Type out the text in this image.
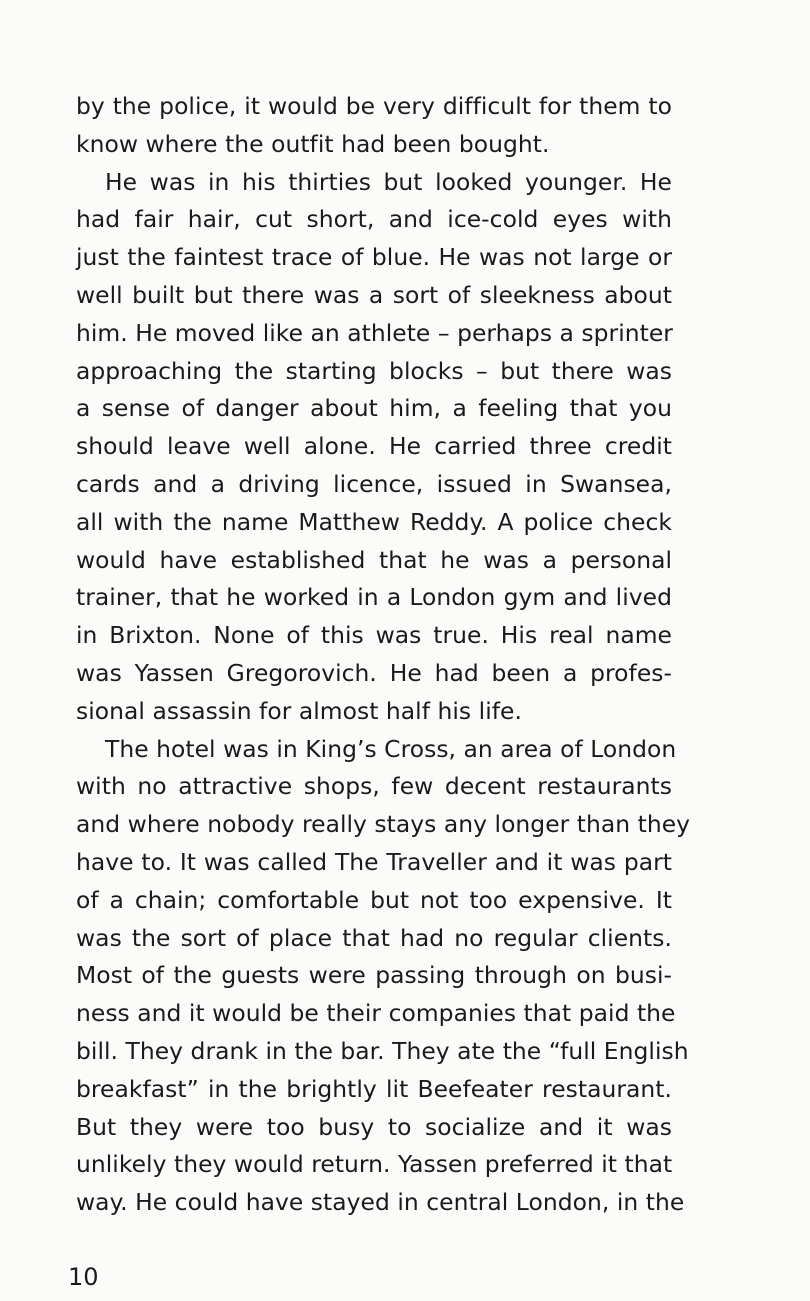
by the police, it would be very difficult for them to
know where the outfit had been bought.

He was in his thirties but looked younger. He
had fair hair, cut short, and ice-cold eyes with
just the faintest trace of blue. He was not large or
well built but there was a sort of sleekness about
him. He moved like an athlete – perhaps a sprinter
approaching the starting blocks – but there was
a sense of danger about him, a feeling that you
should leave well alone. He carried three credit
cards and a driving licence, issued in Swansea,
all with the name Matthew Reddy. A police check
would have established that he was a personal
trainer, that he worked in a London gym and lived
in Brixton. None of this was true. His real name
was Yassen Gregorovich. He had been a profes-
sional assassin for almost half his life.

The hotel was in King’s Cross, an area of London
with no attractive shops, few decent restaurants
and where nobody really stays any longer than they
have to. It was called The Traveller and it was part
of a chain; comfortable but not too expensive. It
was the sort of place that had no regular clients.
Most of the guests were passing through on busi-
ness and it would be their companies that paid the
bill. They drank in the bar. They ate the “full English
breakfast” in the brightly lit Beefeater restaurant.
But they were too busy to socialize and it was
unlikely they would return. Yassen preferred it that
way. He could have stayed in central London, in the

10
